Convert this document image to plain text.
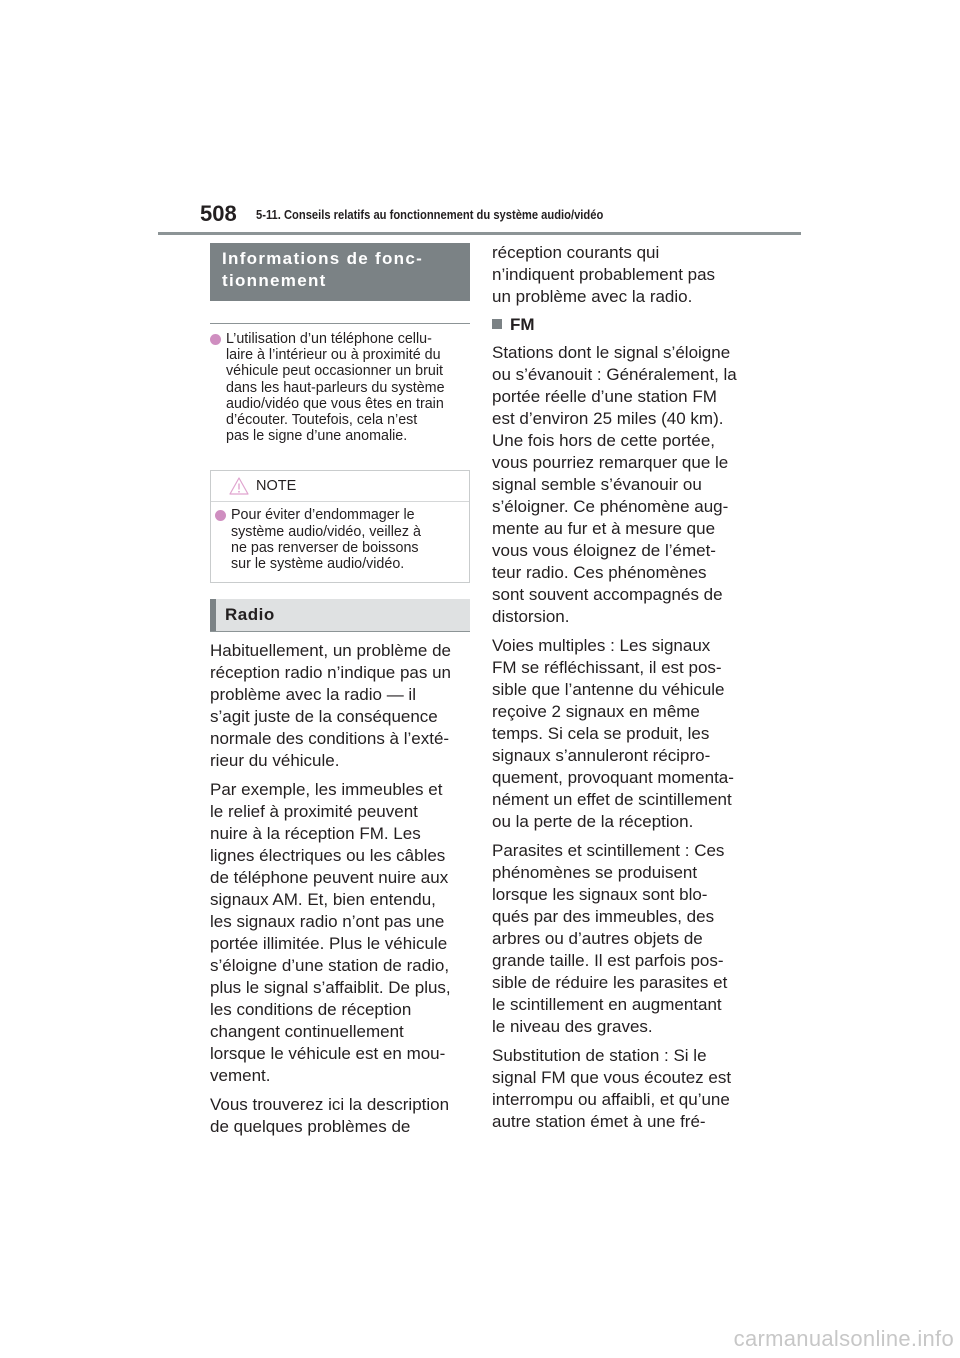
508 5-11. Conseils relatifs au fonctionnement du système audio/vidéo
Informations de fonc-
tionnement
L’utilisation d’un téléphone cellu-
laire à l’intérieur ou à proximité du
véhicule peut occasionner un bruit
dans les haut-parleurs du système
audio/vidéo que vous êtes en train
d’écouter. Toutefois, cela n’est
pas le signe d’une anomalie.
NOTE
Pour éviter d’endommager le
système audio/vidéo, veillez à
ne pas renverser de boissons
sur le système audio/vidéo.
Radio

Habituellement, un problème de
réception radio n’indique pas un
problème avec la radio — il
s’agit juste de la conséquence
normale des conditions à l’exté-
rieur du véhicule.

Par exemple, les immeubles et
le relief à proximité peuvent
nuire à la réception FM. Les
lignes électriques ou les câbles
de téléphone peuvent nuire aux
signaux AM. Et, bien entendu,
les signaux radio n’ont pas une
portée illimitée. Plus le véhicule
s’éloigne d’une station de radio,
plus le signal s’affaiblit. De plus,
les conditions de réception
changent continuellement
lorsque le véhicule est en mou-
vement.

Vous trouverez ici la description
de quelques problèmes de

réception courants qui
n’indiquent probablement pas
un problème avec la radio.

FM

Stations dont le signal s’éloigne
ou s’évanouit : Généralement, la
portée réelle d’une station FM
est d’environ 25 miles (40 km).
Une fois hors de cette portée,
vous pourriez remarquer que le
signal semble s’évanouir ou
s’éloigner. Ce phénomène aug-
mente au fur et à mesure que
vous vous éloignez de l’émet-
teur radio. Ces phénomènes
sont souvent accompagnés de
distorsion.

Voies multiples : Les signaux
FM se réfléchissant, il est pos-
sible que l’antenne du véhicule
reçoive 2 signaux en même
temps. Si cela se produit, les
signaux s’annuleront récipro-
quement, provoquant momenta-
nément un effet de scintillement
ou la perte de la réception.

Parasites et scintillement : Ces
phénomènes se produisent
lorsque les signaux sont blo-
qués par des immeubles, des
arbres ou d’autres objets de
grande taille. Il est parfois pos-
sible de réduire les parasites et
le scintillement en augmentant
le niveau des graves.

Substitution de station : Si le
signal FM que vous écoutez est
interrompu ou affaibli, et qu’une
autre station émet à une fré-

carmanualsonline.info
